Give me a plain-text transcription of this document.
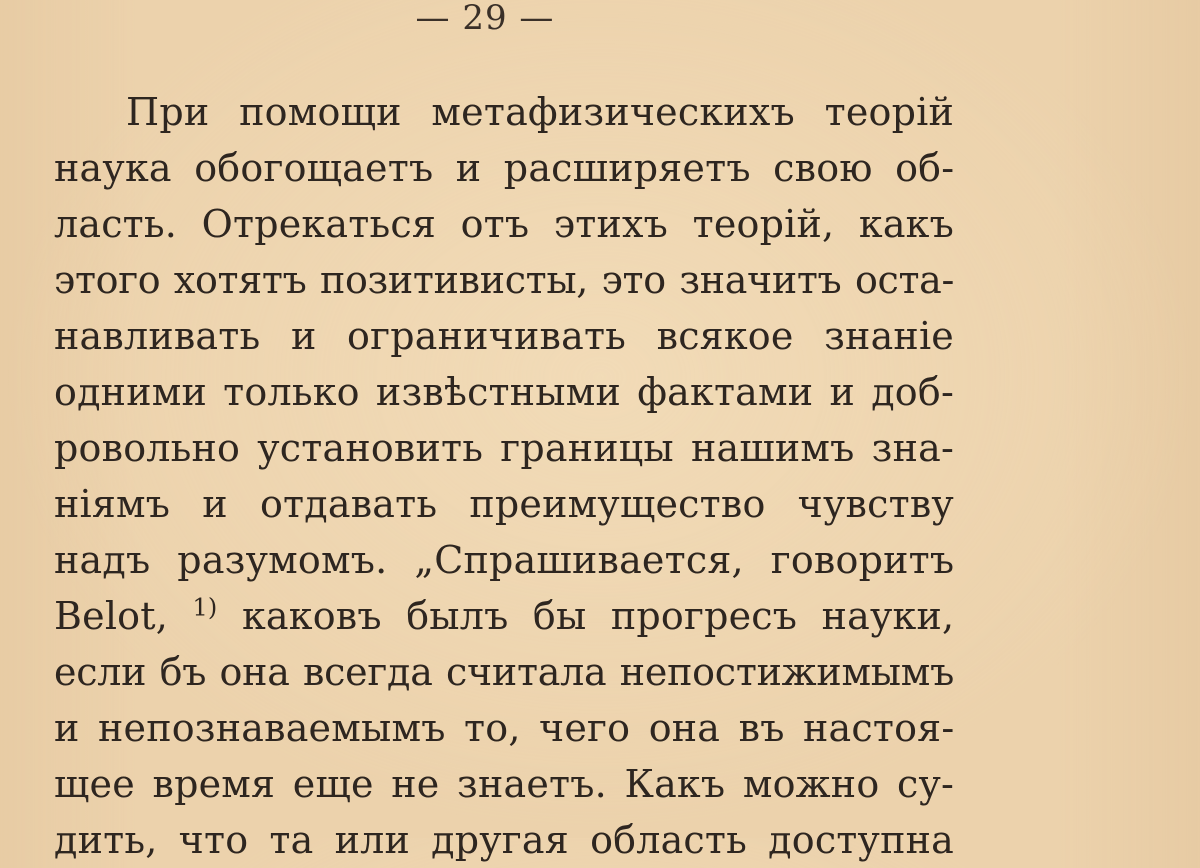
— 29 —
При помощи метафизическихъ теорій
наука обогощаетъ и расширяетъ свою об-
ласть. Отрекаться отъ этихъ теорій, какъ
этого хотятъ позитивисты, это значитъ оста-
навливать и ограничивать всякое знаніе
одними только извѣстными фактами и доб-
ровольно установить границы нашимъ зна-
ніямъ и отдавать преимущество чувству
надъ разумомъ. „Спрашивается, говоритъ
Belot, $^{1)}$ каковъ былъ бы прогресъ науки,
если бъ она всегда считала непостижимымъ
и непознаваемымъ то, чего она въ настоя-
щее время еще не знаетъ. Какъ можно су-
дить, что та или другая область доступна
